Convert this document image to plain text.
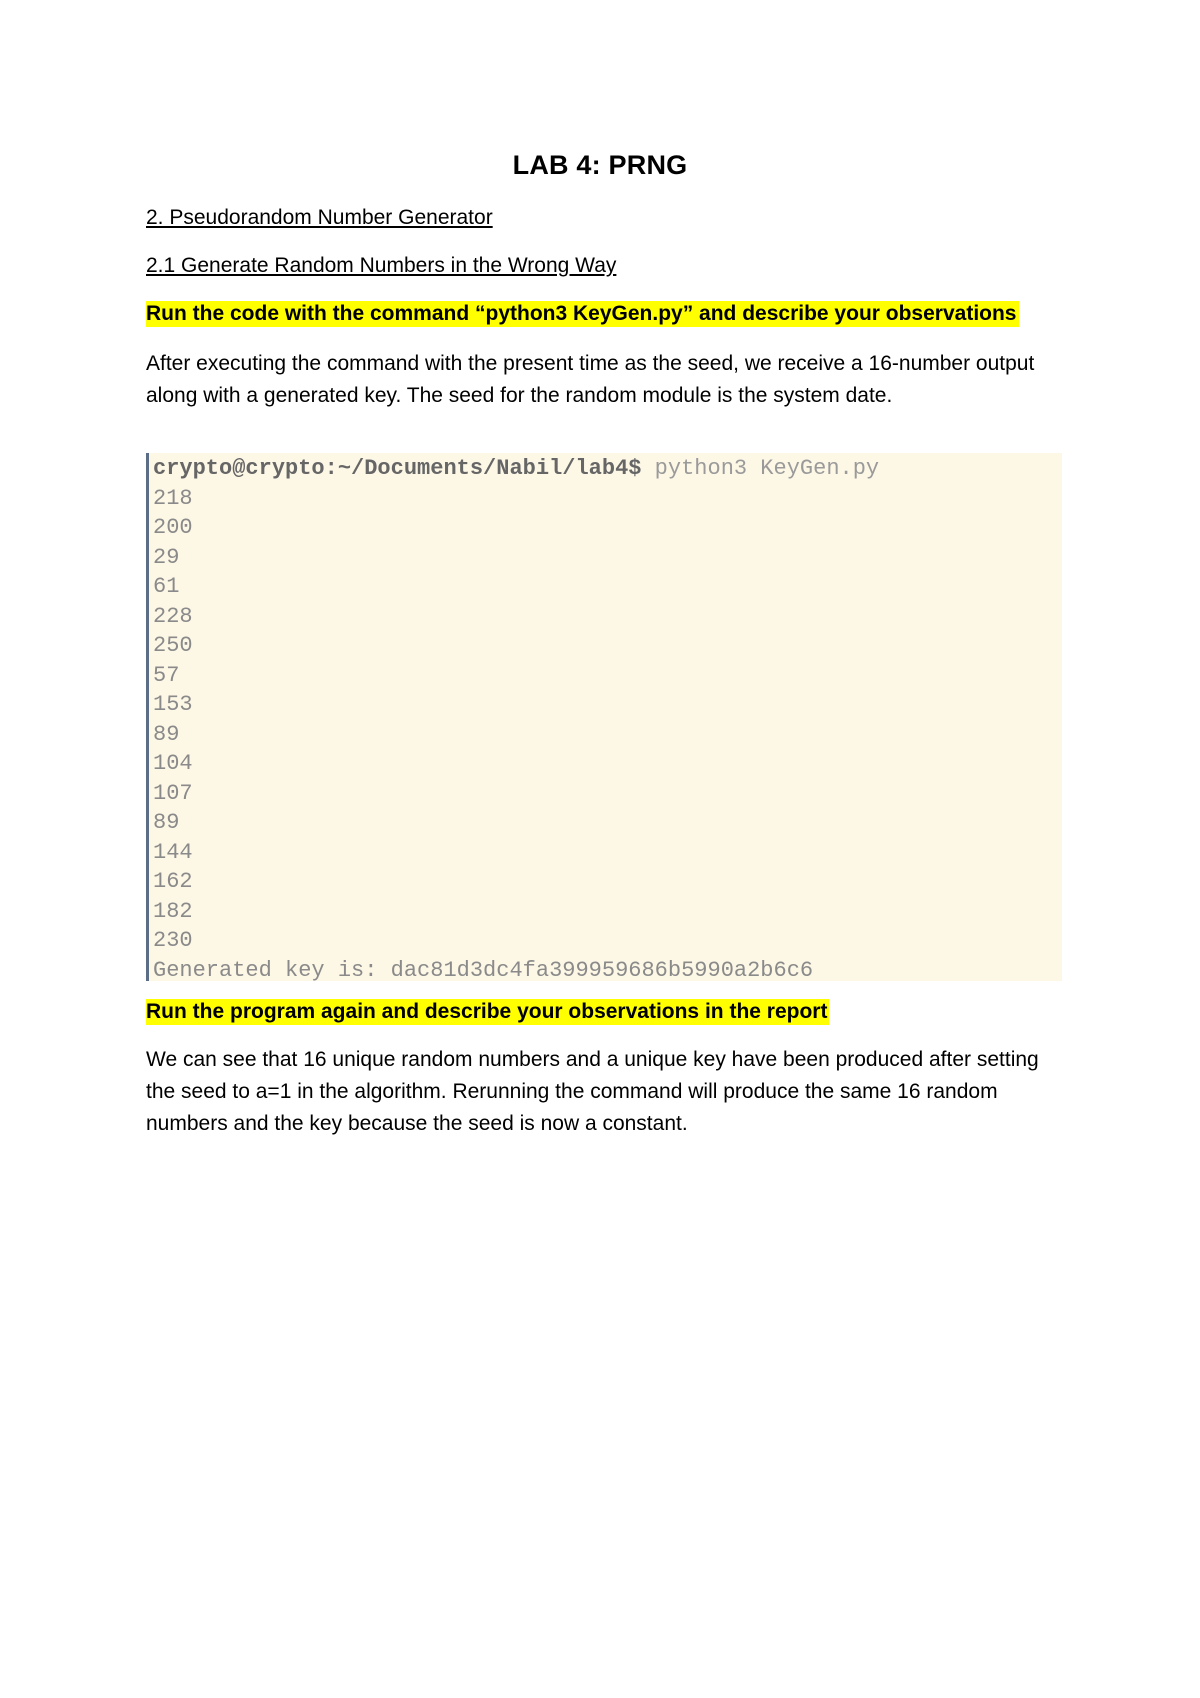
LAB 4: PRNG

2. Pseudorandom Number Generator

2.1 Generate Random Numbers in the Wrong Way

Run the code with the command “python3 KeyGen.py” and describe your observations

After executing the command with the present time as the seed, we receive a 16-number output along with a generated key. The seed for the random module is the system date.

crypto@crypto:~/Documents/Nabil/lab4$ python3 KeyGen.py
218
200
29
61
228
250
57
153
89
104
107
89
144
162
182
230
Generated key is: dac81d3dc4fa399959686b5990a2b6c6

Run the program again and describe your observations in the report

We can see that 16 unique random numbers and a unique key have been produced after setting the seed to a=1 in the algorithm. Rerunning the command will produce the same 16 random numbers and the key because the seed is now a constant.
